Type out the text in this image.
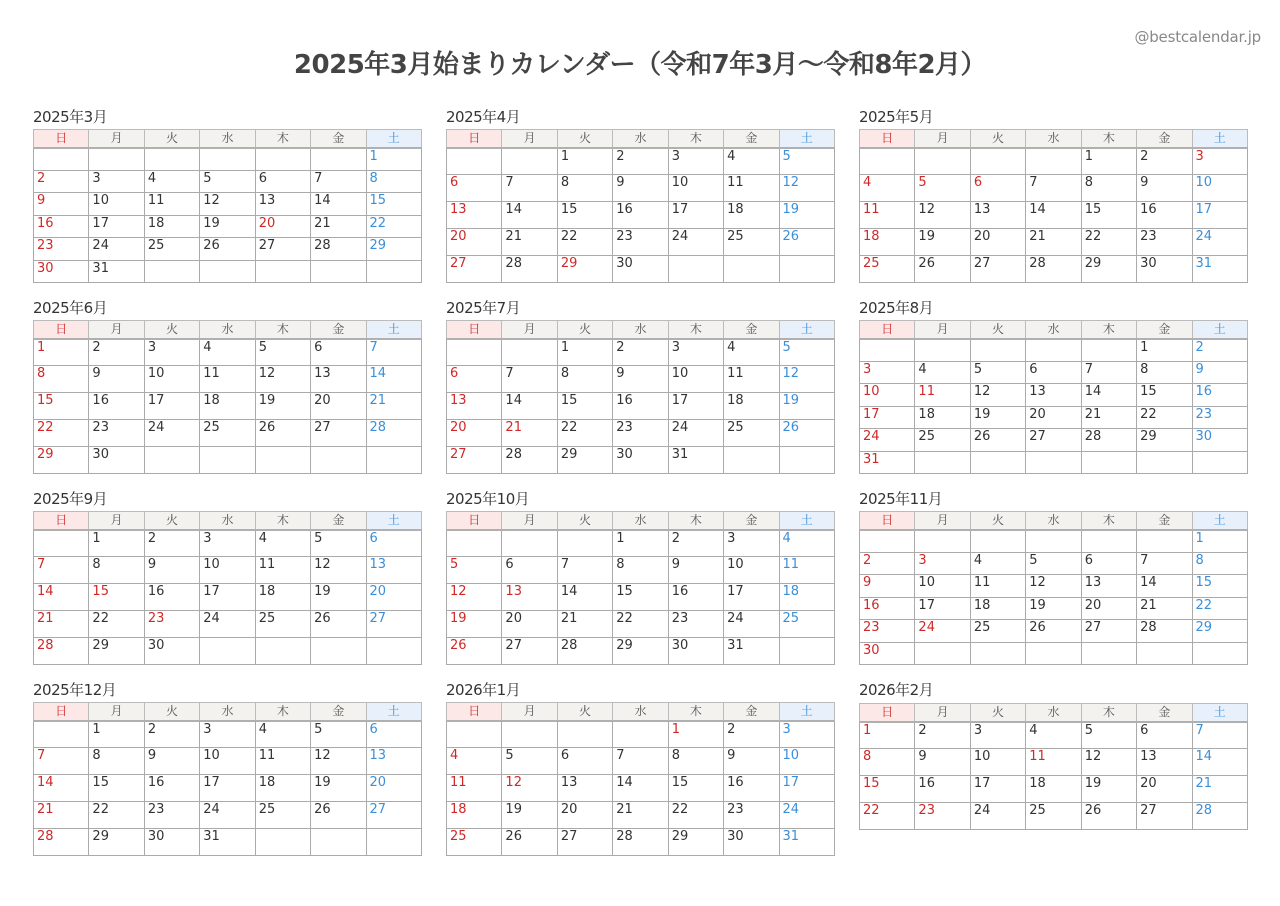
@bestcalendar.jp
2025年3月始まりカレンダー（令和7年3月～令和8年2月）
2025年3月
日	月	火	水	木	金	土
						1
2	3	4	5	6	7	8
9	10	11	12	13	14	15
16	17	18	19	20	21	22
23	24	25	26	27	28	29
30	31					
2025年4月
日	月	火	水	木	金	土
		1	2	3	4	5
6	7	8	9	10	11	12
13	14	15	16	17	18	19
20	21	22	23	24	25	26
27	28	29	30			
2025年5月
日	月	火	水	木	金	土
				1	2	3
4	5	6	7	8	9	10
11	12	13	14	15	16	17
18	19	20	21	22	23	24
25	26	27	28	29	30	31
2025年6月
日	月	火	水	木	金	土
1	2	3	4	5	6	7
8	9	10	11	12	13	14
15	16	17	18	19	20	21
22	23	24	25	26	27	28
29	30					
2025年7月
日	月	火	水	木	金	土
		1	2	3	4	5
6	7	8	9	10	11	12
13	14	15	16	17	18	19
20	21	22	23	24	25	26
27	28	29	30	31		
2025年8月
日	月	火	水	木	金	土
					1	2
3	4	5	6	7	8	9
10	11	12	13	14	15	16
17	18	19	20	21	22	23
24	25	26	27	28	29	30
31						
2025年9月
日	月	火	水	木	金	土
	1	2	3	4	5	6
7	8	9	10	11	12	13
14	15	16	17	18	19	20
21	22	23	24	25	26	27
28	29	30				
2025年10月
日	月	火	水	木	金	土
			1	2	3	4
5	6	7	8	9	10	11
12	13	14	15	16	17	18
19	20	21	22	23	24	25
26	27	28	29	30	31	
2025年11月
日	月	火	水	木	金	土
						1
2	3	4	5	6	7	8
9	10	11	12	13	14	15
16	17	18	19	20	21	22
23	24	25	26	27	28	29
30						
2025年12月
日	月	火	水	木	金	土
	1	2	3	4	5	6
7	8	9	10	11	12	13
14	15	16	17	18	19	20
21	22	23	24	25	26	27
28	29	30	31			
2026年1月
日	月	火	水	木	金	土
				1	2	3
4	5	6	7	8	9	10
11	12	13	14	15	16	17
18	19	20	21	22	23	24
25	26	27	28	29	30	31
2026年2月
日	月	火	水	木	金	土
1	2	3	4	5	6	7
8	9	10	11	12	13	14
15	16	17	18	19	20	21
22	23	24	25	26	27	28
